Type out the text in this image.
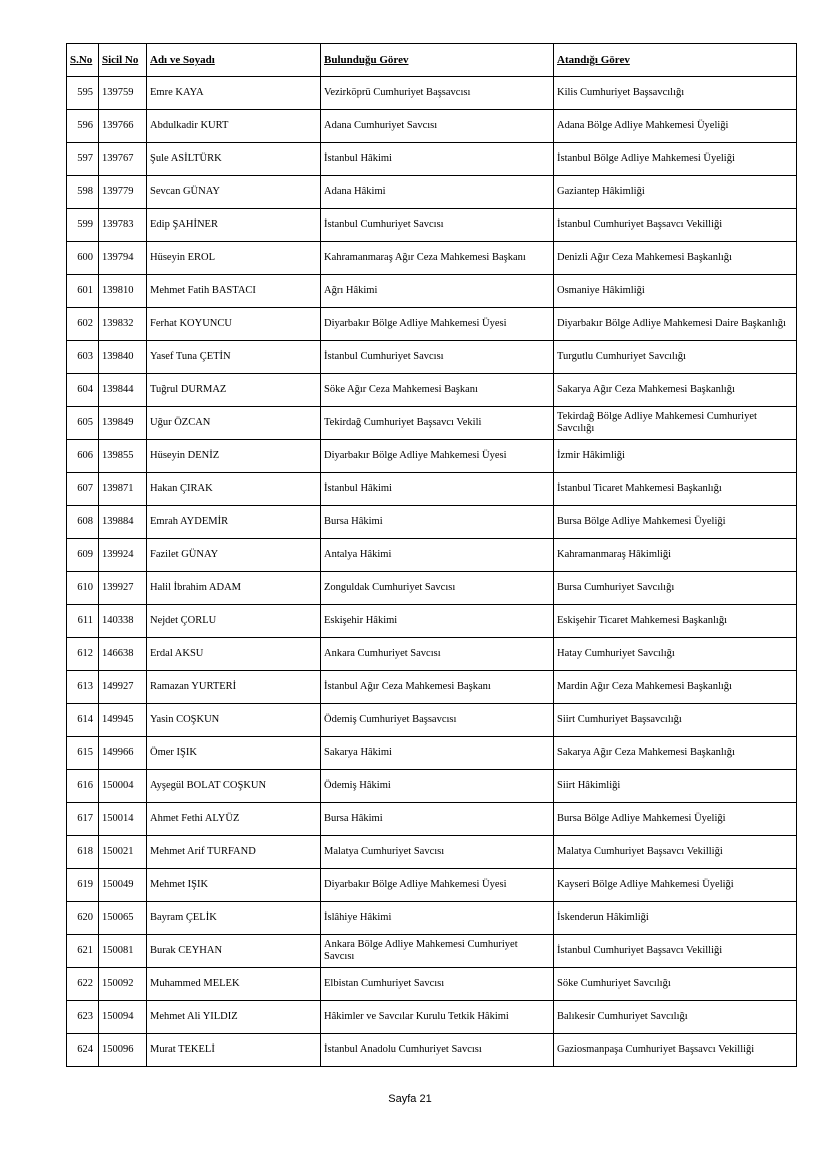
S.No	Sicil No	Adı ve Soyadı	Bulunduğu Görev	Atandığı Görev
595	139759	Emre KAYA	Vezirköprü Cumhuriyet Başsavcısı	Kilis Cumhuriyet Başsavcılığı
596	139766	Abdulkadir KURT	Adana Cumhuriyet Savcısı	Adana Bölge Adliye Mahkemesi Üyeliği
597	139767	Şule ASİLTÜRK	İstanbul Hâkimi	İstanbul Bölge Adliye Mahkemesi Üyeliği
598	139779	Sevcan GÜNAY	Adana Hâkimi	Gaziantep Hâkimliği
599	139783	Edip ŞAHİNER	İstanbul Cumhuriyet Savcısı	İstanbul Cumhuriyet Başsavcı Vekilliği
600	139794	Hüseyin EROL	Kahramanmaraş Ağır Ceza Mahkemesi Başkanı	Denizli Ağır Ceza Mahkemesi Başkanlığı
601	139810	Mehmet Fatih BASTACI	Ağrı Hâkimi	Osmaniye Hâkimliği
602	139832	Ferhat KOYUNCU	Diyarbakır Bölge Adliye Mahkemesi Üyesi	Diyarbakır Bölge Adliye Mahkemesi Daire Başkanlığı
603	139840	Yasef Tuna ÇETİN	İstanbul Cumhuriyet Savcısı	Turgutlu Cumhuriyet Savcılığı
604	139844	Tuğrul DURMAZ	Söke Ağır Ceza Mahkemesi Başkanı	Sakarya Ağır Ceza Mahkemesi Başkanlığı
605	139849	Uğur ÖZCAN	Tekirdağ Cumhuriyet Başsavcı Vekili	Tekirdağ Bölge Adliye Mahkemesi Cumhuriyet Savcılığı
606	139855	Hüseyin DENİZ	Diyarbakır Bölge Adliye Mahkemesi Üyesi	İzmir Hâkimliği
607	139871	Hakan ÇIRAK	İstanbul Hâkimi	İstanbul Ticaret Mahkemesi Başkanlığı
608	139884	Emrah AYDEMİR	Bursa Hâkimi	Bursa Bölge Adliye Mahkemesi Üyeliği
609	139924	Fazilet GÜNAY	Antalya Hâkimi	Kahramanmaraş Hâkimliği
610	139927	Halil İbrahim ADAM	Zonguldak Cumhuriyet Savcısı	Bursa Cumhuriyet Savcılığı
611	140338	Nejdet ÇORLU	Eskişehir Hâkimi	Eskişehir Ticaret Mahkemesi Başkanlığı
612	146638	Erdal AKSU	Ankara Cumhuriyet Savcısı	Hatay Cumhuriyet Savcılığı
613	149927	Ramazan YURTERİ	İstanbul Ağır Ceza Mahkemesi Başkanı	Mardin Ağır Ceza Mahkemesi Başkanlığı
614	149945	Yasin COŞKUN	Ödemiş Cumhuriyet Başsavcısı	Siirt Cumhuriyet Başsavcılığı
615	149966	Ömer IŞIK	Sakarya Hâkimi	Sakarya Ağır Ceza Mahkemesi Başkanlığı
616	150004	Ayşegül BOLAT COŞKUN	Ödemiş Hâkimi	Siirt Hâkimliği
617	150014	Ahmet Fethi ALYÜZ	Bursa Hâkimi	Bursa Bölge Adliye Mahkemesi Üyeliği
618	150021	Mehmet Arif TURFAND	Malatya Cumhuriyet Savcısı	Malatya Cumhuriyet Başsavcı Vekilliği
619	150049	Mehmet IŞIK	Diyarbakır Bölge Adliye Mahkemesi Üyesi	Kayseri Bölge Adliye Mahkemesi Üyeliği
620	150065	Bayram ÇELİK	İslâhiye Hâkimi	İskenderun Hâkimliği
621	150081	Burak CEYHAN	Ankara Bölge Adliye Mahkemesi Cumhuriyet Savcısı	İstanbul Cumhuriyet Başsavcı Vekilliği
622	150092	Muhammed MELEK	Elbistan Cumhuriyet Savcısı	Söke Cumhuriyet Savcılığı
623	150094	Mehmet Ali YILDIZ	Hâkimler ve Savcılar Kurulu Tetkik Hâkimi	Balıkesir Cumhuriyet Savcılığı
624	150096	Murat TEKELİ	İstanbul Anadolu Cumhuriyet Savcısı	Gaziosmanpaşa Cumhuriyet Başsavcı Vekilliği
Sayfa 21
